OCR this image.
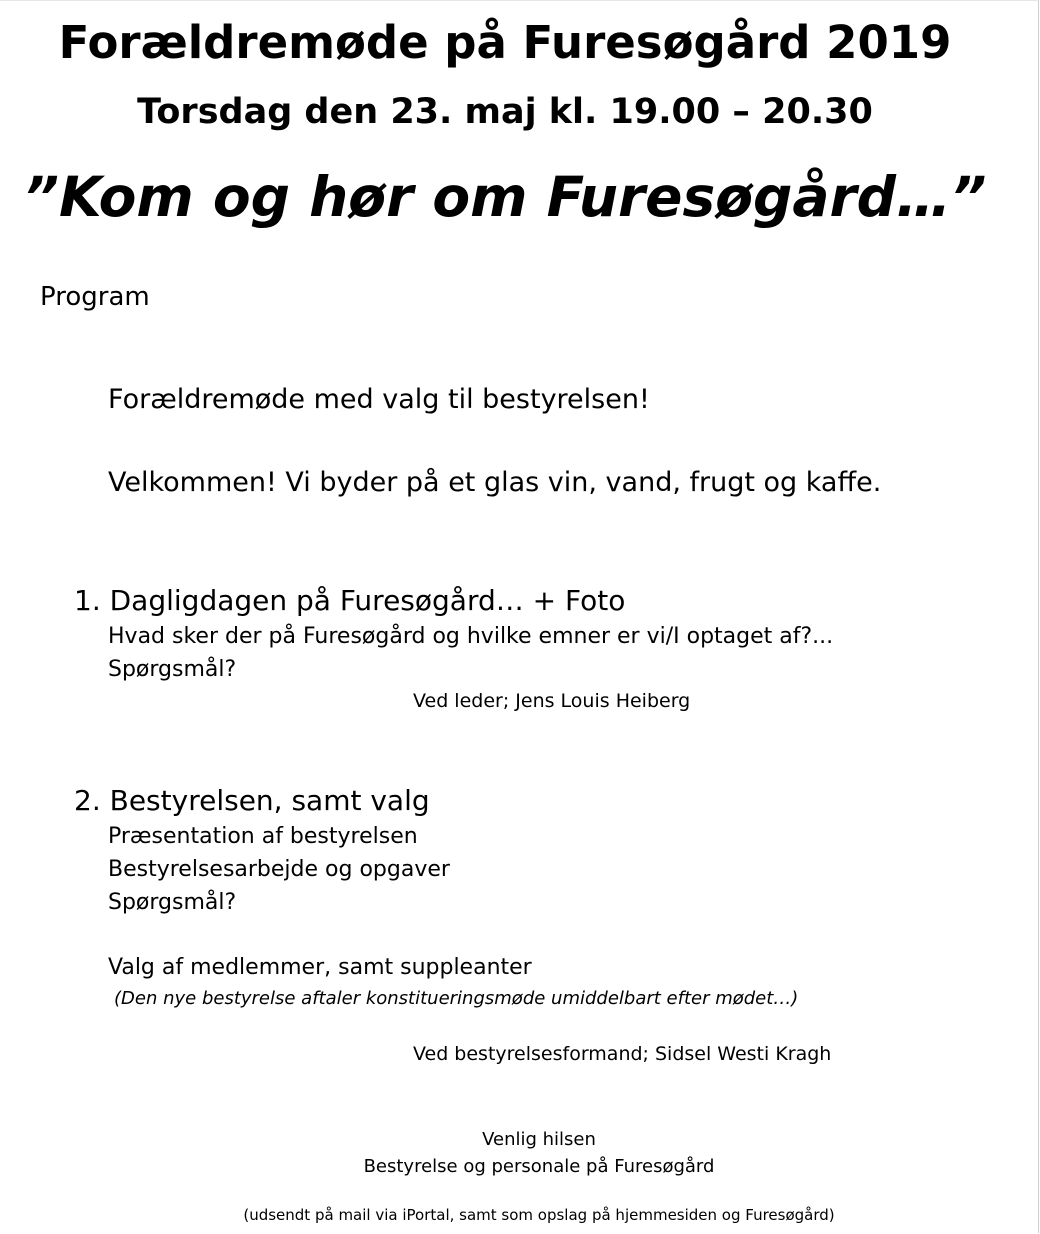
Forældremøde på Furesøgård 2019
Torsdag den 23. maj kl. 19.00 – 20.30
”Kom og hør om Furesøgård…”
Program
Forældremøde med valg til bestyrelsen!
Velkommen! Vi byder på et glas vin, vand, frugt og kaffe.
1. Dagligdagen på Furesøgård… + Foto
Hvad sker der på Furesøgård og hvilke emner er vi/I optaget af?...
Spørgsmål?
Ved leder; Jens Louis Heiberg
2. Bestyrelsen, samt valg
Præsentation af bestyrelsen
Bestyrelsesarbejde og opgaver
Spørgsmål?
Valg af medlemmer, samt suppleanter
(Den nye bestyrelse aftaler konstitueringsmøde umiddelbart efter mødet…)
Ved bestyrelsesformand; Sidsel Westi Kragh
Venlig hilsen
Bestyrelse og personale på Furesøgård
(udsendt på mail via iPortal, samt som opslag på hjemmesiden og Furesøgård)
